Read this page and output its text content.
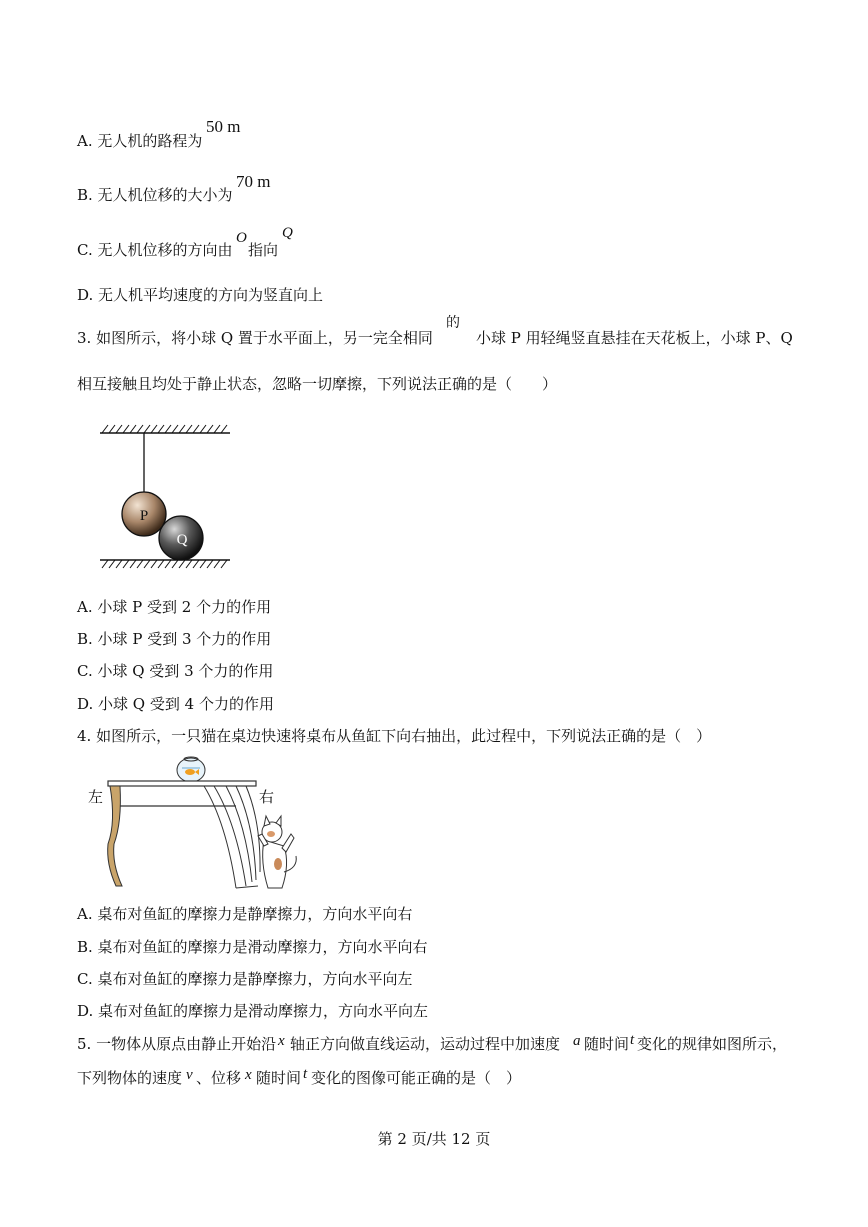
A. 无人机的路程为
50 m
B. 无人机位移的大小为
70 m
C. 无人机位移的方向由
O
指向
Q
D. 无人机平均速度的方向为竖直向上
3. 如图所示，将小球 Q 置于水平面上，另一完全相同
的
小球 P 用轻绳竖直悬挂在天花板上，小球 P、Q
相互接触且均处于静止状态，忽略一切摩擦，下列说法正确的是（　　）
P
Q
A. 小球 P 受到 2 个力的作用
B. 小球 P 受到 3 个力的作用
C. 小球 Q 受到 3 个力的作用
D. 小球 Q 受到 4 个力的作用
4. 如图所示，一只猫在桌边快速将桌布从鱼缸下向右抽出，此过程中，下列说法正确的是（　）
左	右
A. 桌布对鱼缸的摩擦力是静摩擦力，方向水平向右
B. 桌布对鱼缸的摩擦力是滑动摩擦力，方向水平向右
C. 桌布对鱼缸的摩擦力是静摩擦力，方向水平向左
D. 桌布对鱼缸的摩擦力是滑动摩擦力，方向水平向左
5. 一物体从原点由静止开始沿 x 轴正方向做直线运动，运动过程中加速度 a 随时间 t 变化的规律如图所示，
下列物体的速度 v 、位移 x 随时间 t 变化的图像可能正确的是（　）
第 2 页/共 12 页
